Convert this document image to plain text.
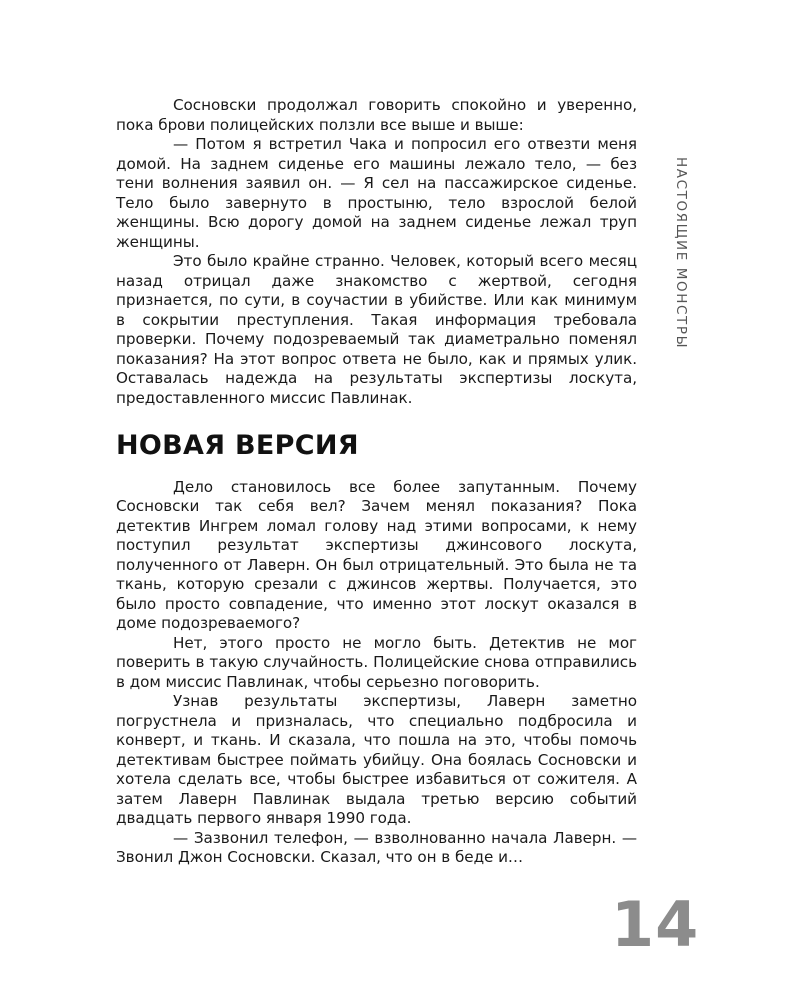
НАСТОЯЩИЕ МОНСТРЫ

Сосновски продолжал говорить спокойно и уверенно, пока брови полицейских ползли все выше и выше:

— Потом я встретил Чака и попросил его отвезти меня домой. На заднем сиденье его машины лежало тело, — без тени волнения заявил он. — Я сел на пассажирское сиденье. Тело было завернуто в простыню, тело взрослой белой женщины. Всю дорогу домой на заднем сиденье лежал труп женщины.

Это было крайне странно. Человек, который всего месяц назад отрицал даже знакомство с жертвой, сегодня признается, по сути, в соучастии в убийстве. Или как минимум в сокрытии преступления. Такая информация требовала проверки. Почему подозреваемый так диаметрально поменял показания? На этот вопрос ответа не было, как и прямых улик. Оставалась надежда на результаты экспертизы лоскута, предоставленного миссис Павлинак.

НОВАЯ ВЕРСИЯ

Дело становилось все более запутанным. Почему Сосновски так себя вел? Зачем менял показания? Пока детектив Ингрем ломал голову над этими вопросами, к нему поступил результат экспертизы джинсового лоскута, полученного от Лаверн. Он был отрицательный. Это была не та ткань, которую срезали с джинсов жертвы. Получается, это было просто совпадение, что именно этот лоскут оказался в доме подозреваемого?

Нет, этого просто не могло быть. Детектив не мог поверить в такую случайность. Полицейские снова отправились в дом миссис Павлинак, чтобы серьезно поговорить.

Узнав результаты экспертизы, Лаверн заметно погрустнела и призналась, что специально подбросила и конверт, и ткань. И сказала, что пошла на это, чтобы помочь детективам быстрее поймать убийцу. Она боялась Сосновски и хотела сделать все, чтобы быстрее избавиться от сожителя. А затем Лаверн Павлинак выдала третью версию событий двадцать первого января 1990 года.

— Зазвонил телефон, — взволнованно начала Лаверн. — Звонил Джон Сосновски. Сказал, что он в беде и…

14
